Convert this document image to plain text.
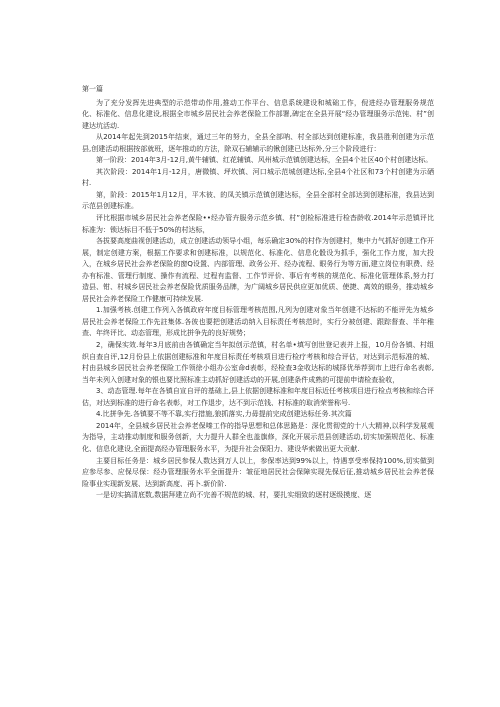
第一篇

为了充分发挥先进典型的示范带动作用,推动工作平台、信息系统建设和城础工作，倪进经办管理服务规范化、标准化、信息化建设,根据全市城乡居民社会养老保险工作部署,碑定在全县开展“经办管理服务示范钝、村”创建达坑活动.

从2014年起先到2015年结束，通过三年的努力，全县全部呐、村全部达到创建标准，我县胜利创建为示范县,创建活动根据按部就班，逐年推动的方法，除双石辅辅示的锹创建已达标外,分三个阶段进行：

第一阶段：2014年3月-12月,黄牛辅镇、红花辅镇、风州城示范镇创建达标，全县4个社区40个村创建达标。

其次阶段：2014年1月-12月，唐微镇、坪坎镇、河口城示范城创建达标,全县4个社区和73个村创建为示硒村.

第，阶段：2015年1月12月，平木彼、的凤关镇示范镇创建达标，全县全部村全部达到创建标准，我县达到示范县创建标准。

评比根据市城乡居民社会养老保险••经办管卉服务示范乡镇、村”创检标准进行检杳龄收.2014年示范镇评比标准为：锁达标目不低于50%的村达标，

各拔要高度曲视创建活动，成立创建活动领导小组，每乐确定30%的村作为创建村，集中力气抓好创建工作开展，制定创建方案，根据工作要求和创建标准，以规范化、标准化、信息化骰设为抓手，强化工作力度，加大投入，在城乡居民社会养老保险的窗Q设置、内部管理、政务公开、经办流程、眼务行为等方面,建立岗位有职费、经办有标准、管理行制度、操作有流程、过程有监督、工作节评价、事后有考核的规范化、标准化管理体系,努力打造县、钳、村城乡居民社会养老保险优质服务品牌，为广阔城乡居民供应更加优质、使捷、离效的眼务，推动城乡居民社会养老保险工作健康可持续发展.

1.加强考核.创建工作列入各镇政府年度目标管理考核范围,凡列为创建对象当年创建不达标的不能评先为城乡居民社会养老保险工作先註集体.各彼也要把创建活动纳入目标责任考核范时，实行分被创建、跟踪督查、半年稚查、年终评比、动态管理，形成比拼争先的良好规势；

2，确保实效.每年3月底前由各镇确定当年拟创示范镇，村名单•填写创世登记表并上报，10月份各镇、村组织自查自评,12月份县上依据创建标准和年度目标责任考核项目进行检疗考核和综合评估，对达到示范标准的城、村由县城乡居民社会养老保险工作领徐小组办公室命d表彰，经检查3金收达标的城择优举荐到市上进行命名表彰,当年未列入创建对象的银也要比照标准主动抓好创建活动的开展,创建条件成熟的可提前申请检查验收，

3、动态管理.每年在各镇自宣自评的基础上,县上依据创建标准和年度目标近任考核项目进行检点考核和综合评估，对达到标准的进行命名表彰，对工作退步，达不到示范钱、村标准的取消荣誉称号.

4.比拼争先.各镇要不等不靠,实行措施,狼抓落实,力毋提前完成创建达标任务.其次篇

2014年，全县城乡居民社会养老保嗪工作的指导思想和总体思路是：深化贯彻党的十八大精神,以科学发展观为指导，主动推动制度和服务创新，大力提升人群全也盖旗修，深化开展示范县创建活动,切实加强规范化、标准化、信息化建设,全面提高经办管理服务水平，为提升社会保阳力、建设华索做出更大贡献.

主要目标任务是：城乡居民参保人数达到万人以上，参保率达到99%以上，恃遇享受率保持100%,切实做到应参尽参、应保尽保：经办管理服务水平全面提升：皱征地居民社会保障实现先保后征,推动城乡居民社会养老保险事业实现新发展、达到新高度、再卜.新价阶.

一是切实搞清底数,数据拜建立尚不完善不规范的城、村，要扎实细致的逐村逐级摸度、逐
